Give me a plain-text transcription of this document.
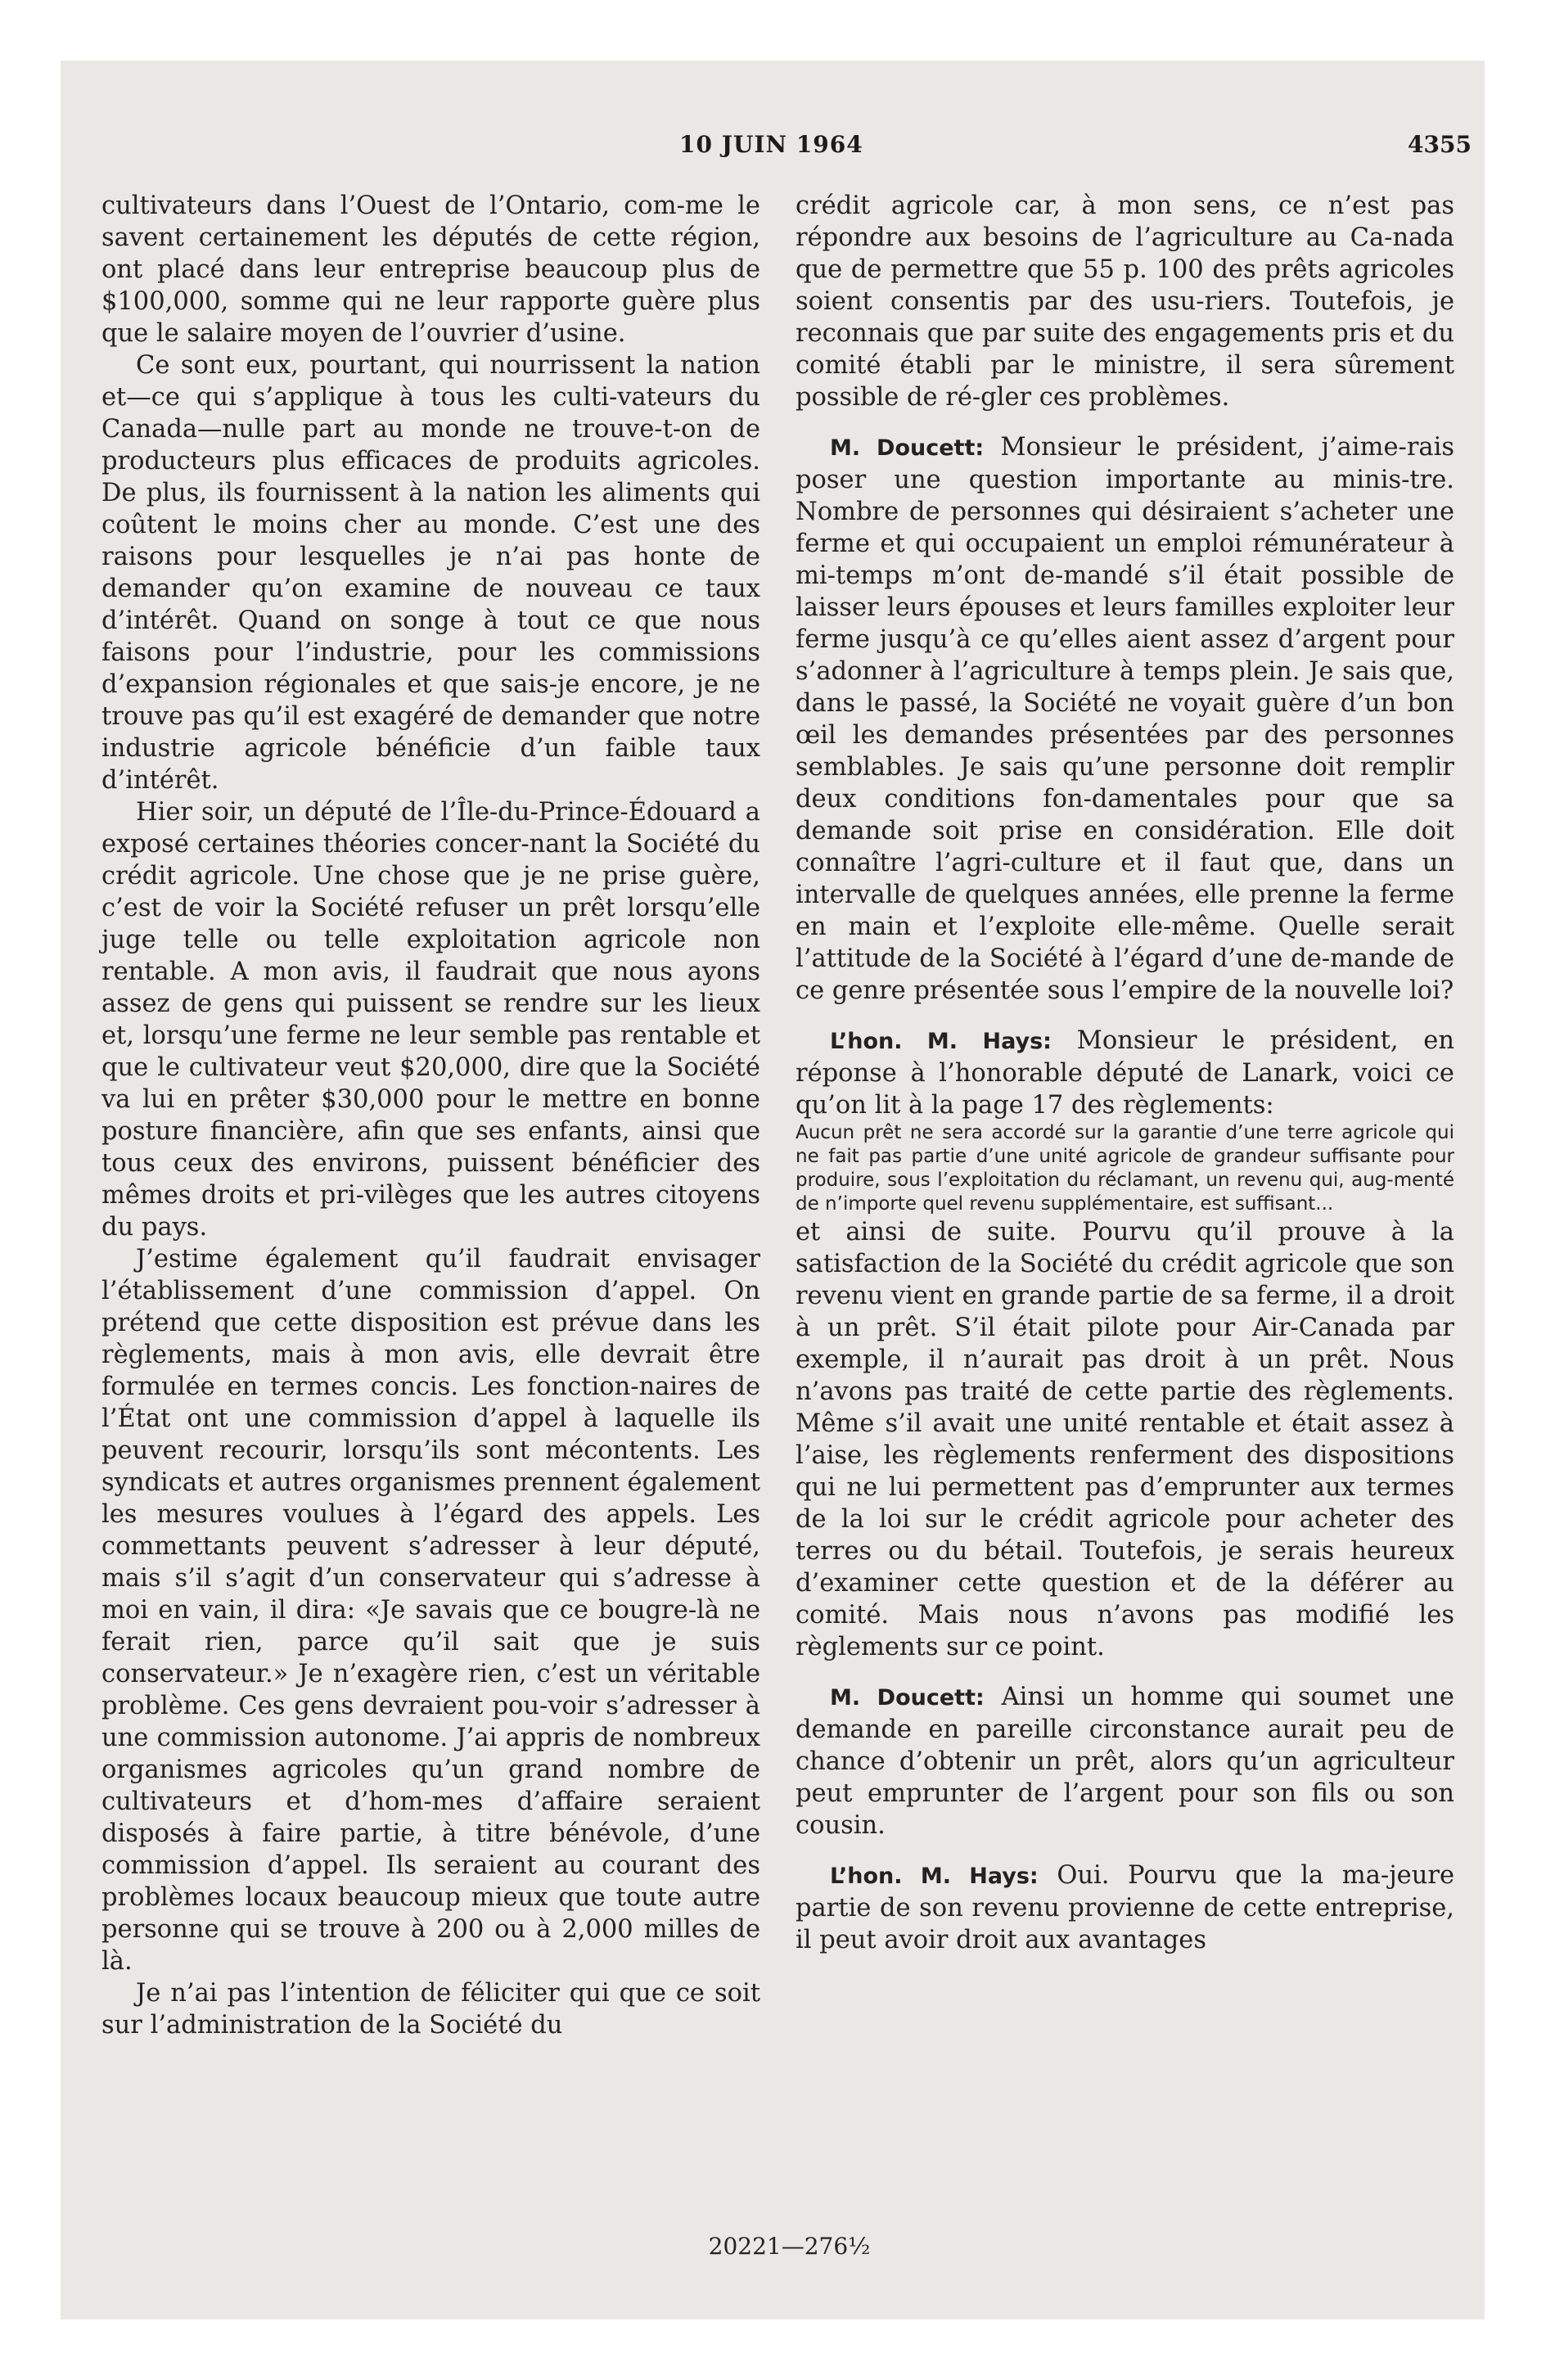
10 JUIN 1964	4355

cultivateurs dans l’Ouest de l’Ontario, com-me le savent certainement les députés de cette région, ont placé dans leur entreprise beaucoup plus de $100,000, somme qui ne leur rapporte guère plus que le salaire moyen de l’ouvrier d’usine.

Ce sont eux, pourtant, qui nourrissent la nation et—ce qui s’applique à tous les culti-vateurs du Canada—nulle part au monde ne trouve-t-on de producteurs plus efficaces de produits agricoles. De plus, ils fournissent à la nation les aliments qui coûtent le moins cher au monde. C’est une des raisons pour lesquelles je n’ai pas honte de demander qu’on examine de nouveau ce taux d’intérêt. Quand on songe à tout ce que nous faisons pour l’industrie, pour les commissions d’expansion régionales et que sais-je encore, je ne trouve pas qu’il est exagéré de demander que notre industrie agricole bénéficie d’un faible taux d’intérêt.

Hier soir, un député de l’Île-du-Prince-Édouard a exposé certaines théories concer-nant la Société du crédit agricole. Une chose que je ne prise guère, c’est de voir la Société refuser un prêt lorsqu’elle juge telle ou telle exploitation agricole non rentable. A mon avis, il faudrait que nous ayons assez de gens qui puissent se rendre sur les lieux et, lorsqu’une ferme ne leur semble pas rentable et que le cultivateur veut $20,000, dire que la Société va lui en prêter $30,000 pour le mettre en bonne posture financière, afin que ses enfants, ainsi que tous ceux des environs, puissent bénéficier des mêmes droits et pri-vilèges que les autres citoyens du pays.

J’estime également qu’il faudrait envisager l’établissement d’une commission d’appel. On prétend que cette disposition est prévue dans les règlements, mais à mon avis, elle devrait être formulée en termes concis. Les fonction-naires de l’État ont une commission d’appel à laquelle ils peuvent recourir, lorsqu’ils sont mécontents. Les syndicats et autres organismes prennent également les mesures voulues à l’égard des appels. Les commettants peuvent s’adresser à leur député, mais s’il s’agit d’un conservateur qui s’adresse à moi en vain, il dira: «Je savais que ce bougre-là ne ferait rien, parce qu’il sait que je suis conservateur.» Je n’exagère rien, c’est un véritable problème. Ces gens devraient pou-voir s’adresser à une commission autonome. J’ai appris de nombreux organismes agricoles qu’un grand nombre de cultivateurs et d’hom-mes d’affaire seraient disposés à faire partie, à titre bénévole, d’une commission d’appel. Ils seraient au courant des problèmes locaux beaucoup mieux que toute autre personne qui se trouve à 200 ou à 2,000 milles de là.

Je n’ai pas l’intention de féliciter qui que ce soit sur l’administration de la Société du

crédit agricole car, à mon sens, ce n’est pas répondre aux besoins de l’agriculture au Ca-nada que de permettre que 55 p. 100 des prêts agricoles soient consentis par des usu-riers. Toutefois, je reconnais que par suite des engagements pris et du comité établi par le ministre, il sera sûrement possible de ré-gler ces problèmes.

M. Doucett: Monsieur le président, j’aime-rais poser une question importante au minis-tre. Nombre de personnes qui désiraient s’acheter une ferme et qui occupaient un emploi rémunérateur à mi-temps m’ont de-mandé s’il était possible de laisser leurs épouses et leurs familles exploiter leur ferme jusqu’à ce qu’elles aient assez d’argent pour s’adonner à l’agriculture à temps plein. Je sais que, dans le passé, la Société ne voyait guère d’un bon œil les demandes présentées par des personnes semblables. Je sais qu’une personne doit remplir deux conditions fon-damentales pour que sa demande soit prise en considération. Elle doit connaître l’agri-culture et il faut que, dans un intervalle de quelques années, elle prenne la ferme en main et l’exploite elle-même. Quelle serait l’attitude de la Société à l’égard d’une de-mande de ce genre présentée sous l’empire de la nouvelle loi?

L’hon. M. Hays: Monsieur le président, en réponse à l’honorable député de Lanark, voici ce qu’on lit à la page 17 des règlements:

Aucun prêt ne sera accordé sur la garantie d’une terre agricole qui ne fait pas partie d’une unité agricole de grandeur suffisante pour produire, sous l’exploitation du réclamant, un revenu qui, aug-menté de n’importe quel revenu supplémentaire, est suffisant...

et ainsi de suite. Pourvu qu’il prouve à la satisfaction de la Société du crédit agricole que son revenu vient en grande partie de sa ferme, il a droit à un prêt. S’il était pilote pour Air-Canada par exemple, il n’aurait pas droit à un prêt. Nous n’avons pas traité de cette partie des règlements. Même s’il avait une unité rentable et était assez à l’aise, les règlements renferment des dispositions qui ne lui permettent pas d’emprunter aux termes de la loi sur le crédit agricole pour acheter des terres ou du bétail. Toutefois, je serais heureux d’examiner cette question et de la déférer au comité. Mais nous n’avons pas modifié les règlements sur ce point.

M. Doucett: Ainsi un homme qui soumet une demande en pareille circonstance aurait peu de chance d’obtenir un prêt, alors qu’un agriculteur peut emprunter de l’argent pour son fils ou son cousin.

L’hon. M. Hays: Oui. Pourvu que la ma-jeure partie de son revenu provienne de cette entreprise, il peut avoir droit aux avantages

20221—276½
